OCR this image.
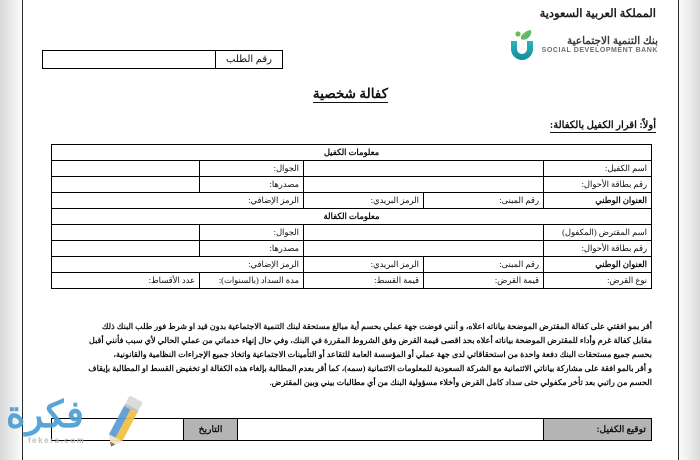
المملكة العربية السعودية
بنك التنمية الاجتماعية
SOCIAL DEVELOPMENT BANK
رقم الطلب
كفالة شخصية
أولاً: اقرار الكفيل بالكفالة:
معلومات الكفيل				
اسم الكفيل:			الجوال:	
رقم بطاقة الأحوال:			مصدرها:	
العنوان الوطني	رقم المبنى:	الرمز البريدي:	الرمز الإضافي:	
معلومات الكفالة				
اسم المقترض (المكفول)			الجوال:	
رقم بطاقة الأحوال:			مصدرها:	
العنوان الوطني	رقم المبنى:	الرمز البريدي:	الرمز الإضافي:	
نوع القرض:	قيمة القرض:	قيمة القسط:	مدة السداد (بالسنوات):	عدد الأقساط:

أقر بمو افقتي على كفالة المقترض الموضحة بياناته اعلاه، و أنني فوضت جهة عملي بحسم أية مبالغ مستحقة لبنك التنمية الاجتماعية بدون قيد او شرط فور طلب البنك ذلك

مقابل كفالة غرم وأداء للمقترض الموضحة بياناته أعلاه بحد اقصى قيمة القرض وفق الشروط المقررة في البنك، وفي حال إنهاء خدماتي من عملي الحالي لأي سبب فأنني أقبل

بحسم جميع مستحقات البنك دفعة واحدة من استحقاقاتي لدى جهة عملي أو المؤسسة العامة للتقاعد أو التأمينات الاجتماعية واتخاذ جميع الإجراءات النظامية والقانونية،

و أقر بالمو افقة على مشاركة بياناتي الائتمانية مع الشركة السعودية للمعلومات الائتمانية (سمه)، كما أقر بعدم المطالبة بإلغاء هذه الكفالة او تخفيض القسط او المطالبة بإيقاف

الحسم من راتبي بعد تأخر مكفولي حتى سداد كامل القرض وأخلاء مسؤولية البنك من أي مطالبات بيني وبين المقترض.

توقيع الكفيل:		التاريخ	
فكرة
fekera.com
